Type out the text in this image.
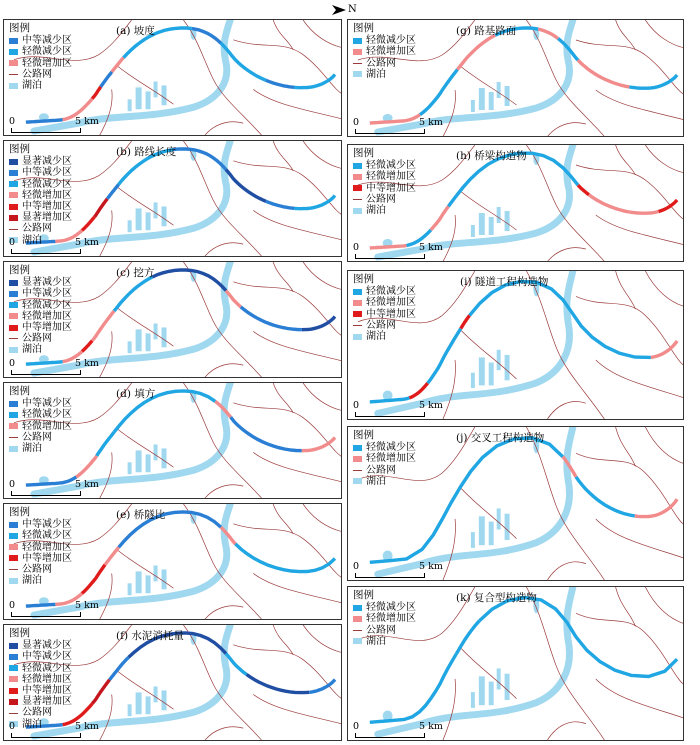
N
图例
中等减少区
轻微减少区
轻微增加区
公路网
湖泊
(a) 坡度
0	5 km
图例
显著减少区
中等减少区
轻微减少区
轻微增加区
中等增加区
显著增加区
公路网
湖泊
(b) 路线长度
0	5 km
图例
显著减少区
中等减少区
轻微减少区
轻微增加区
中等增加区
公路网
湖泊
(c) 挖方
0	5 km
图例
中等减少区
轻微减少区
轻微增加区
公路网
湖泊
(d) 填方
0	5 km
图例
中等减少区
轻微减少区
轻微增加区
中等增加区
公路网
湖泊
(e) 桥隧比
0	5 km
图例
显著减少区
中等减少区
轻微减少区
轻微增加区
中等增加区
显著增加区
公路网
湖泊
(f) 水泥消耗量
0	5 km
图例
轻微减少区
轻微增加区
公路网
湖泊
(g) 路基路面
0	5 km
图例
轻微减少区
轻微增加区
中等增加区
公路网
湖泊
(h) 桥梁构造物
0	5 km
图例
轻微减少区
轻微增加区
中等增加区
公路网
湖泊
(i) 隧道工程构造物
0	5 km
图例
轻微减少区
轻微增加区
公路网
湖泊
(j) 交叉工程构造物
0	5 km
图例
轻微减少区
轻微增加区
公路网
湖泊
(k) 复合型构造物
0	5 km
